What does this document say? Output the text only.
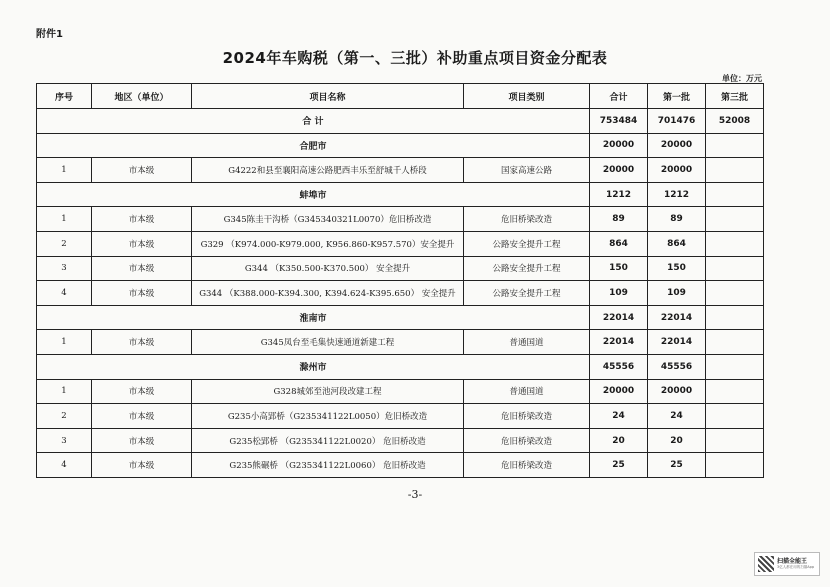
附件1
2024年车购税（第一、三批）补助重点项目资金分配表
单位：万元
序号	地区（单位）	项目名称	项目类别	合计	第一批	第三批
合 计				753484	701476	52008
合肥市				20000	20000	
1	市本级	G4222和县至襄阳高速公路肥西丰乐至舒城千人桥段	国家高速公路	20000	20000	
蚌埠市				1212	1212	
1	市本级	G345陈圭干沟桥（G345340321L0070）危旧桥改造	危旧桥梁改造	89	89	
2	市本级	G329 （K974.000-K979.000, K956.860-K957.570）安全提升	公路安全提升工程	864	864	
3	市本级	G344 （K350.500-K370.500） 安全提升	公路安全提升工程	150	150	
4	市本级	G344 （K388.000-K394.300, K394.624-K395.650） 安全提升	公路安全提升工程	109	109	
淮南市				22014	22014	
1	市本级	G345凤台至毛集快速通道新建工程	普通国道	22014	22014	
滁州市				45556	45556	
1	市本级	G328城郊至池河段改建工程	普通国道	20000	20000	
2	市本级	G235小高郢桥（G235341122L0050）危旧桥改造	危旧桥梁改造	24	24	
3	市本级	G235松郢桥 （G235341122L0020） 危旧桥改造	危旧桥梁改造	20	20	
4	市本级	G235熊碾桥 （G235341122L0060） 危旧桥改造	危旧桥梁改造	25	25	
-3-
扫描全能王
3亿人都在用的扫描App
